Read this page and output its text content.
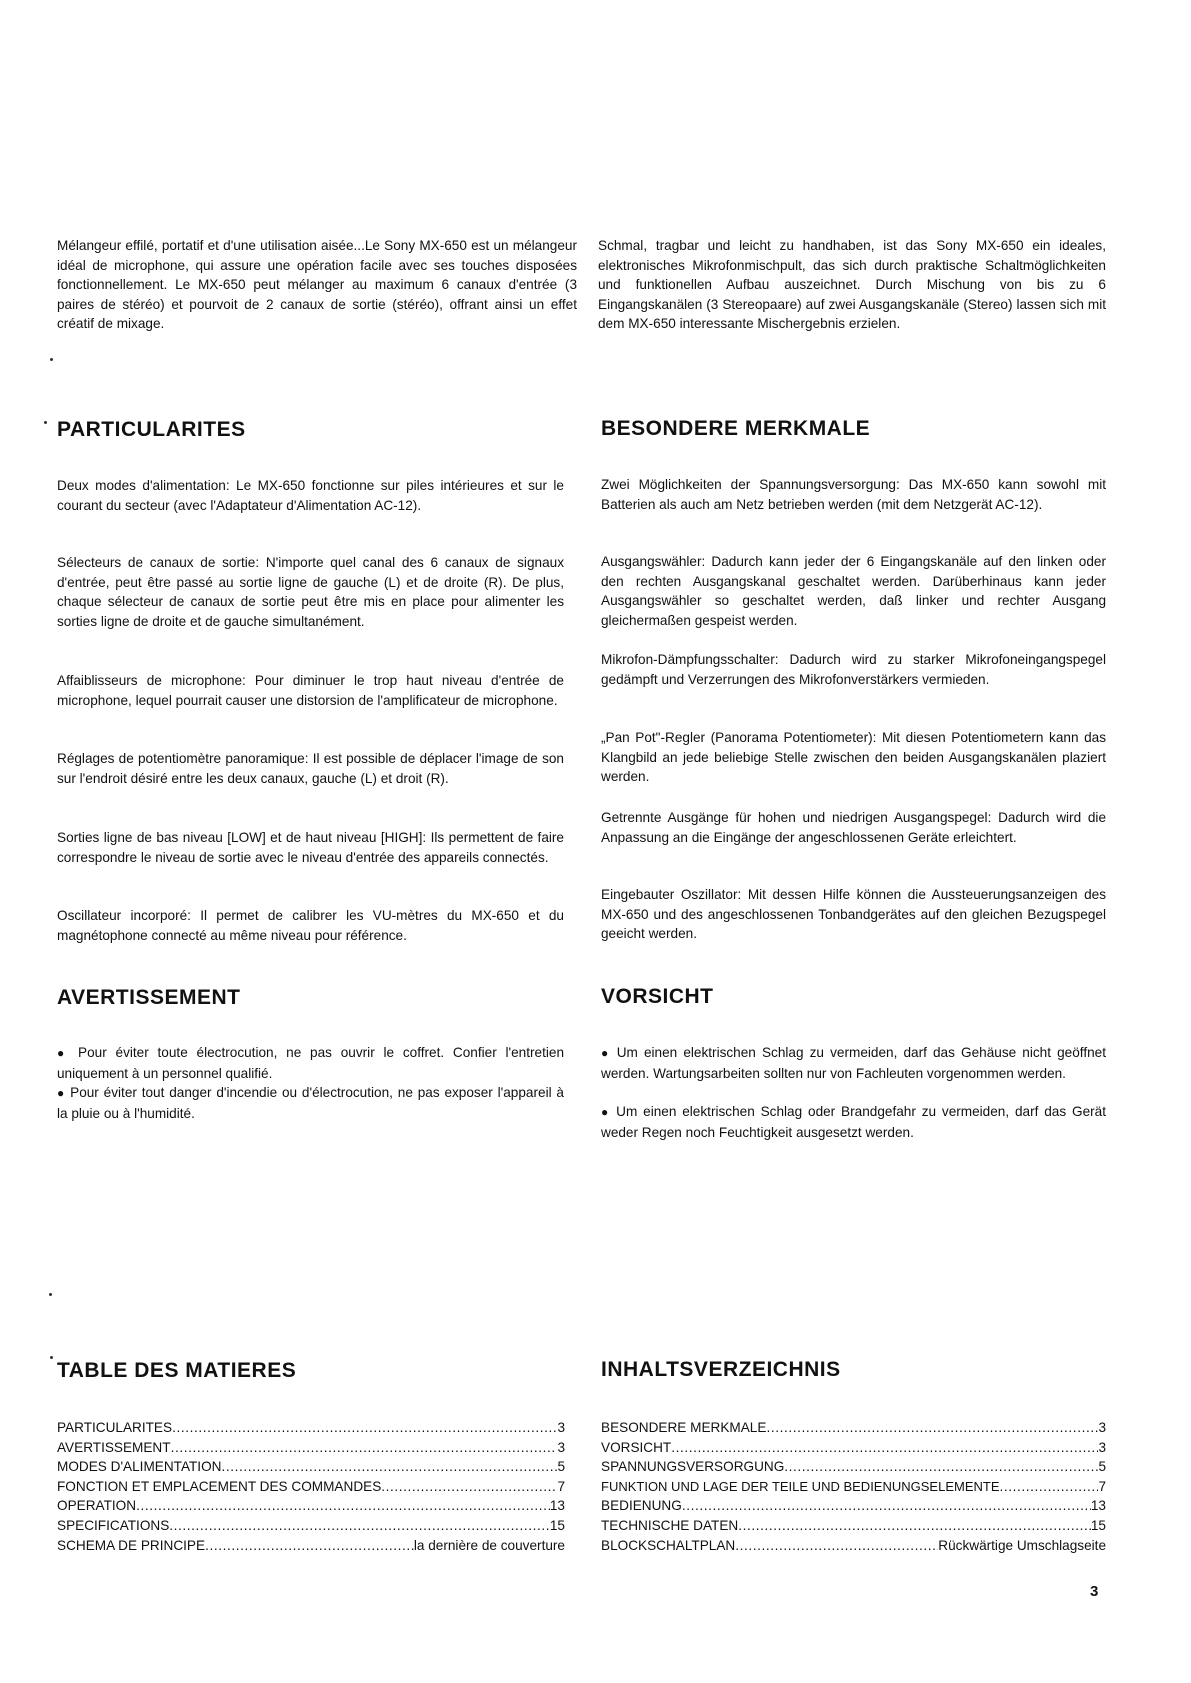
Mélangeur effilé, portatif et d'une utilisation aisée...Le Sony MX-650 est un mélangeur idéal de microphone, qui assure une opération facile avec ses touches disposées fonctionnellement. Le MX-650 peut mélanger au maximum 6 canaux d'entrée (3 paires de stéréo) et pourvoit de 2 canaux de sortie (stéréo), offrant ainsi un effet créatif de mixage.

Schmal, tragbar und leicht zu handhaben, ist das Sony MX-650 ein ideales, elektronisches Mikrofonmischpult, das sich durch praktische Schaltmöglichkeiten und funktionellen Aufbau auszeichnet. Durch Mischung von bis zu 6 Eingangskanälen (3 Stereopaare) auf zwei Ausgangskanäle (Stereo) lassen sich mit dem MX-650 interessante Mischergebnis erzielen.

PARTICULARITES	BESONDERE MERKMALE

Deux modes d'alimentation: Le MX-650 fonctionne sur piles intérieures et sur le courant du secteur (avec l'Adaptateur d'Alimentation AC-12).

Sélecteurs de canaux de sortie: N'importe quel canal des 6 canaux de signaux d'entrée, peut être passé au sortie ligne de gauche (L) et de droite (R). De plus, chaque sélecteur de canaux de sortie peut être mis en place pour alimenter les sorties ligne de droite et de gauche simultanément.

Affaiblisseurs de microphone: Pour diminuer le trop haut niveau d'entrée de microphone, lequel pourrait causer une distorsion de l'amplificateur de microphone.

Réglages de potentiomètre panoramique: Il est possible de déplacer l'image de son sur l'endroit désiré entre les deux canaux, gauche (L) et droit (R).

Sorties ligne de bas niveau [LOW] et de haut niveau [HIGH]: Ils permettent de faire correspondre le niveau de sortie avec le niveau d'entrée des appareils connectés.

Oscillateur incorporé: Il permet de calibrer les VU-mètres du MX-650 et du magnétophone connecté au même niveau pour référence.

Zwei Möglichkeiten der Spannungsversorgung: Das MX-650 kann sowohl mit Batterien als auch am Netz betrieben werden (mit dem Netzgerät AC-12).

Ausgangswähler: Dadurch kann jeder der 6 Eingangskanäle auf den linken oder den rechten Ausgangskanal geschaltet werden. Darüberhinaus kann jeder Ausgangswähler so geschaltet werden, daß linker und rechter Ausgang gleichermaßen gespeist werden.

Mikrofon-Dämpfungsschalter: Dadurch wird zu starker Mikrofoneingangspegel gedämpft und Verzerrungen des Mikrofonverstärkers vermieden.

„Pan Pot"-Regler (Panorama Potentiometer): Mit diesen Potentiometern kann das Klangbild an jede beliebige Stelle zwischen den beiden Ausgangskanälen plaziert werden.

Getrennte Ausgänge für hohen und niedrigen Ausgangspegel: Dadurch wird die Anpassung an die Eingänge der angeschlossenen Geräte erleichtert.

Eingebauter Oszillator: Mit dessen Hilfe können die Aussteuerungsanzeigen des MX-650 und des angeschlossenen Tonbandgerätes auf den gleichen Bezugspegel geeicht werden.

AVERTISSEMENT	VORSICHT

● Pour éviter toute électrocution, ne pas ouvrir le coffret. Confier l'entretien uniquement à un personnel qualifié.

● Pour éviter tout danger d'incendie ou d'électrocution, ne pas exposer l'appareil à la pluie ou à l'humidité.

● Um einen elektrischen Schlag zu vermeiden, darf das Gehäuse nicht geöffnet werden. Wartungsarbeiten sollten nur von Fachleuten vorgenommen werden.

● Um einen elektrischen Schlag oder Brandgefahr zu vermeiden, darf das Gerät weder Regen noch Feuchtigkeit ausgesetzt werden.

TABLE DES MATIERES	INHALTSVERZEICHNIS
PARTICULARITES .....	3
AVERTISSEMENT .....	3
MODES D'ALIMENTATION .....	5
FONCTION ET EMPLACEMENT DES COMMANDES .....	7
OPERATION .....	13
SPECIFICATIONS .....	15
SCHEMA DE PRINCIPE .....	la dernière de couverture
BESONDERE MERKMALE .....	3
VORSICHT .....	3
SPANNUNGSVERSORGUNG .....	5
FUNKTION UND LAGE DER TEILE UND BEDIENUNGSELEMENTE .....	7
BEDIENUNG .....	13
TECHNISCHE DATEN .....	15
BLOCKSCHALTPLAN .....	Rückwärtige Umschlagseite
3
